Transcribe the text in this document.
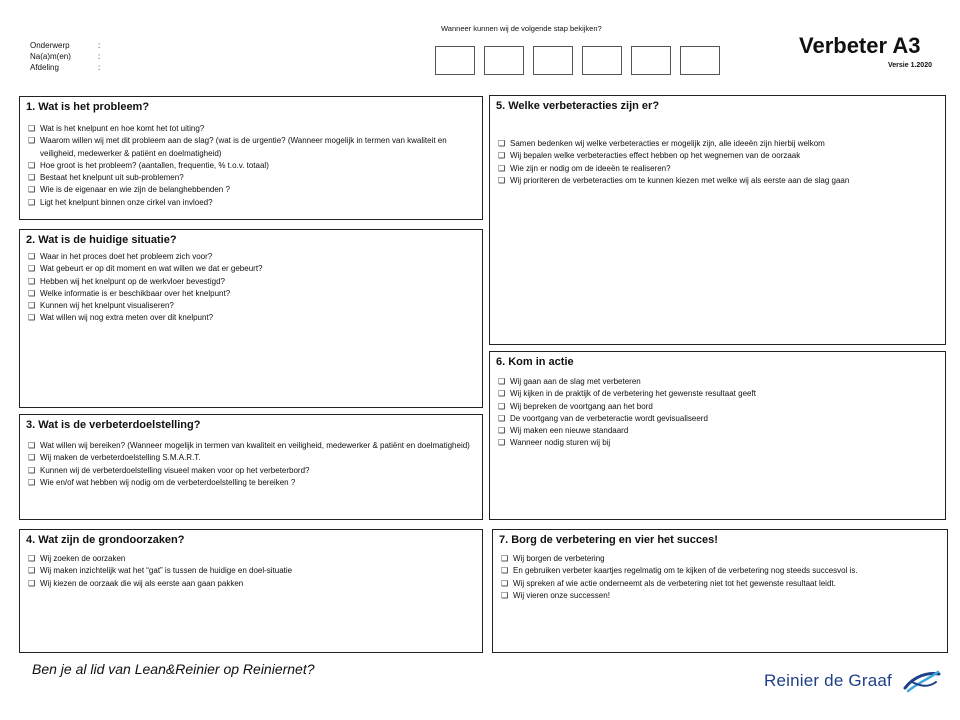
Onderwerp	:
Na(a)m(en)	:
Afdeling	:
Wanneer kunnen wij de volgende stap bekijken?
Verbeter A3
Versie 1.2020
1. Wat is het probleem?
❑ Wat is het knelpunt en hoe komt het tot uiting?
❑ Waarom willen wij met dit probleem aan de slag? (wat is de urgentie? (Wanneer mogelijk in termen van kwaliteit en veiligheid, medewerker & patiënt en doelmatigheid)
❑ Hoe groot is het probleem? (aantallen, frequentie, % t.o.v. totaal)
❑ Bestaat het knelpunt uit sub-problemen?
❑ Wie is de eigenaar en wie zijn de belanghebbenden ?
❑ Ligt het knelpunt binnen onze cirkel van invloed?
2. Wat is de huidige situatie?
❑ Waar in het proces doet het probleem zich voor?
❑ Wat gebeurt er op dit moment en wat willen we dat er gebeurt?
❑ Hebben wij het knelpunt op de werkvloer bevestigd?
❑ Welke informatie is er beschikbaar over het knelpunt?
❑ Kunnen wij het knelpunt visualiseren?
❑ Wat willen wij nog extra meten over dit knelpunt?
3. Wat is de verbeterdoelstelling?
❑ Wat willen wij bereiken? (Wanneer mogelijk in termen van kwaliteit en veiligheid, medewerker & patiënt en doelmatigheid)
❑ Wij maken de verbeterdoelstelling S.M.A.R.T.
❑ Kunnen wij de verbeterdoelstelling visueel maken voor op het verbeterbord?
❑ Wie en/of wat hebben wij nodig om de verbeterdoelstelling te bereiken ?
4. Wat zijn de grondoorzaken?
❑ Wij zoeken de oorzaken
❑ Wij maken inzichtelijk wat het “gat” is tussen de huidige en doel-situatie
❑ Wij kiezen de oorzaak die wij als eerste aan gaan pakken
5. Welke verbeteracties zijn er?
❑ Samen bedenken wij welke verbeteracties er mogelijk zijn, alle ideeën zijn hierbij welkom
❑ Wij bepalen welke verbeteracties effect hebben op het wegnemen van de oorzaak
❑ Wie zijn er nodig om de ideeën te realiseren?
❑ Wij prioriteren de verbeteracties om te kunnen kiezen met welke wij als eerste aan de slag gaan
6. Kom in actie
❑ Wij gaan aan de slag met verbeteren
❑ Wij kijken in de praktijk of de verbetering het gewenste resultaat geeft
❑ Wij bepreken de voortgang aan het bord
❑ De voortgang van de verbeteractie wordt gevisualiseerd
❑ Wij maken een nieuwe standaard
❑ Wanneer nodig sturen wij bij
7. Borg de verbetering en vier het succes!
❑ Wij borgen de verbetering
❑ En gebruiken verbeter kaartjes regelmatig om te kijken of de verbetering nog steeds succesvol is.
❑ Wij spreken af wie actie onderneemt als de verbetering niet tot het gewenste resultaat leidt.
❑ Wij vieren onze successen!
Ben je al lid van Lean&Reinier op Reiniernet?
Reinier de Graaf
